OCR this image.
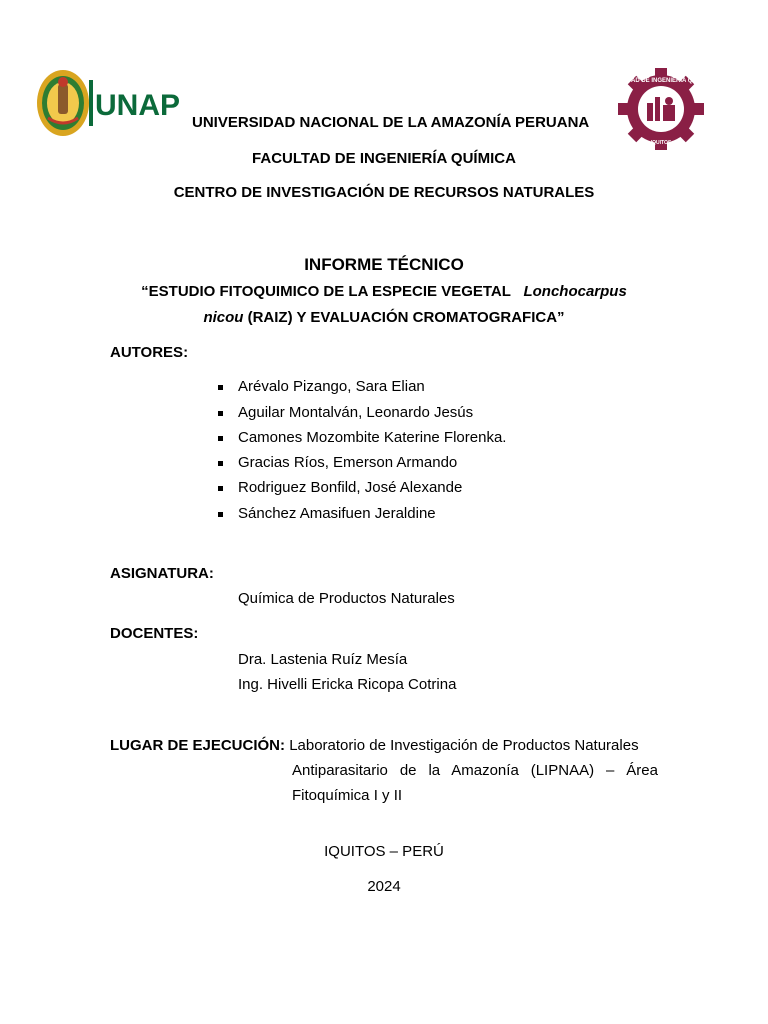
UNAP
FACULTAD DE INGENIERÍA QUÍMICA
IQUITOS
UNIVERSIDAD NACIONAL DE LA AMAZONÍA PERUANA
FACULTAD DE INGENIERÍA QUÍMICA
CENTRO DE INVESTIGACIÓN DE RECURSOS NATURALES
INFORME TÉCNICO
“ESTUDIO FITOQUIMICO DE LA ESPECIE VEGETAL Lonchocarpus
nicou (RAIZ) Y EVALUACIÓN CROMATOGRAFICA”
AUTORES:
Arévalo Pizango, Sara Elian
Aguilar Montalván, Leonardo Jesús
Camones Mozombite Katerine Florenka.
Gracias Ríos, Emerson Armando
Rodriguez Bonfild, José Alexande
Sánchez Amasifuen Jeraldine
ASIGNATURA:
Química de Productos Naturales
DOCENTES:
Dra. Lastenia Ruíz Mesía
Ing. Hivelli Ericka Ricopa Cotrina
LUGAR DE EJECUCIÓN: Laboratorio de Investigación de Productos Naturales
Antiparasitario de la Amazonía (LIPNAA) – Área Fitoquímica I y II
IQUITOS – PERÚ
2024
